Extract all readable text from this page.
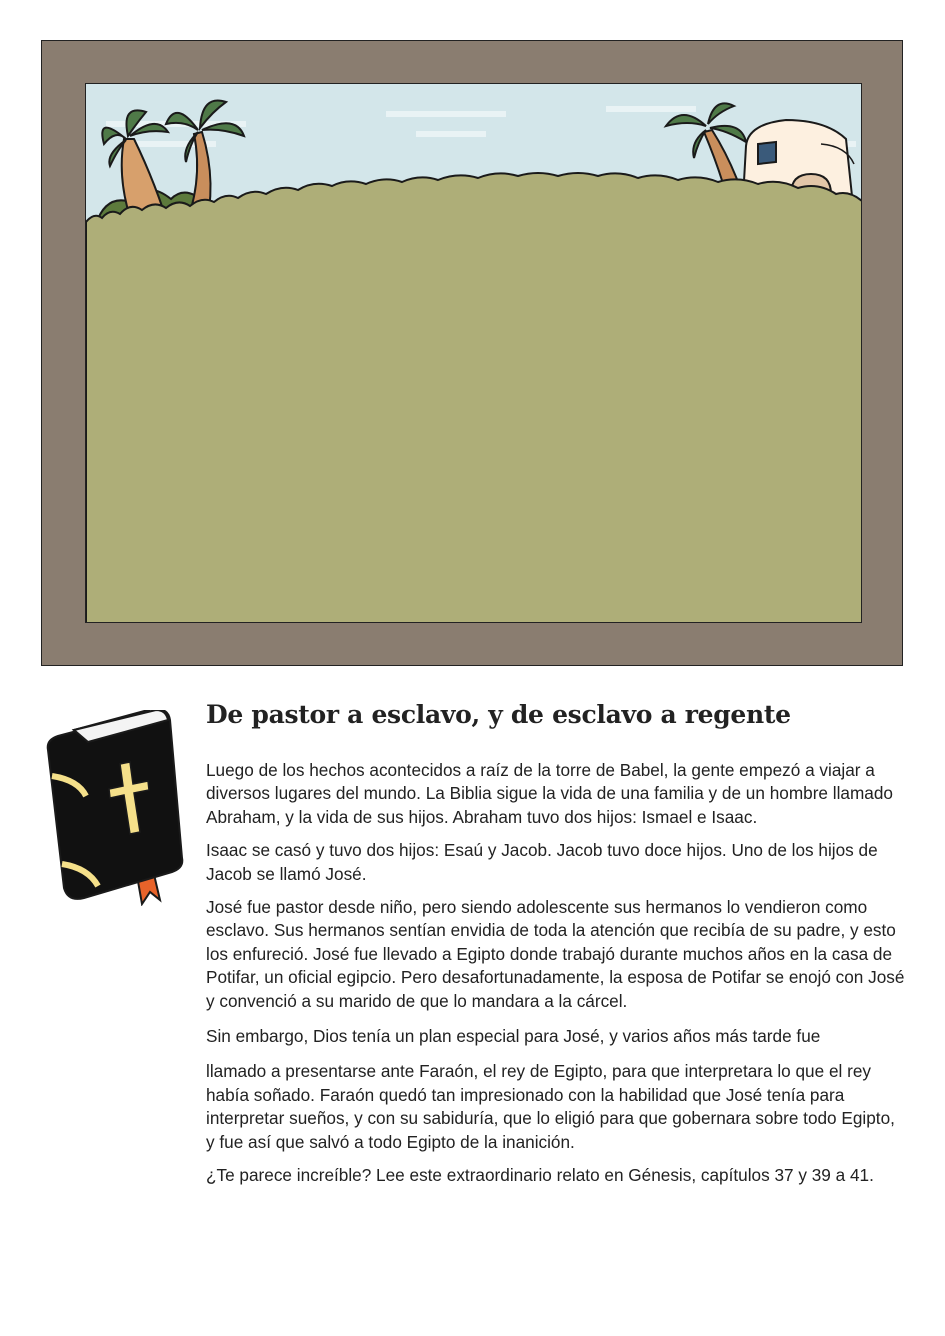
De pastor a esclavo, y de esclavo a regente

Luego de los hechos acontecidos a raíz de la torre de Babel, la gente empezó a viajar a diversos lugares del mundo. La Biblia sigue la vida de una familia y de un hombre llamado Abraham, y la vida de sus hijos. Abraham tuvo dos hijos: Ismael e Isaac.

Isaac se casó y tuvo dos hijos: Esaú y Jacob. Jacob tuvo doce hijos. Uno de los hijos de Jacob se llamó José.

José fue pastor desde niño, pero siendo adolescente sus hermanos lo vendieron como esclavo. Sus hermanos sentían envidia de toda la atención que recibía de su padre, y esto los enfureció. José fue llevado a Egipto donde trabajó durante muchos años en la casa de Potifar, un oficial egipcio. Pero desafortunadamente, la esposa de Potifar se enojó con José y convenció a su marido de que lo mandara a la cárcel.

Sin embargo, Dios tenía un plan especial para José, y varios años más tarde fue

llamado a presentarse ante Faraón, el rey de Egipto, para que interpretara lo que el rey había soñado. Faraón quedó tan impresionado con la habilidad que José tenía para interpretar sueños, y con su sabiduría, que lo eligió para que gobernara sobre todo Egipto, y fue así que salvó a todo Egipto de la inanición.

¿Te parece increíble? Lee este extraordinario relato en Génesis, capítulos 37 y 39 a 41.
